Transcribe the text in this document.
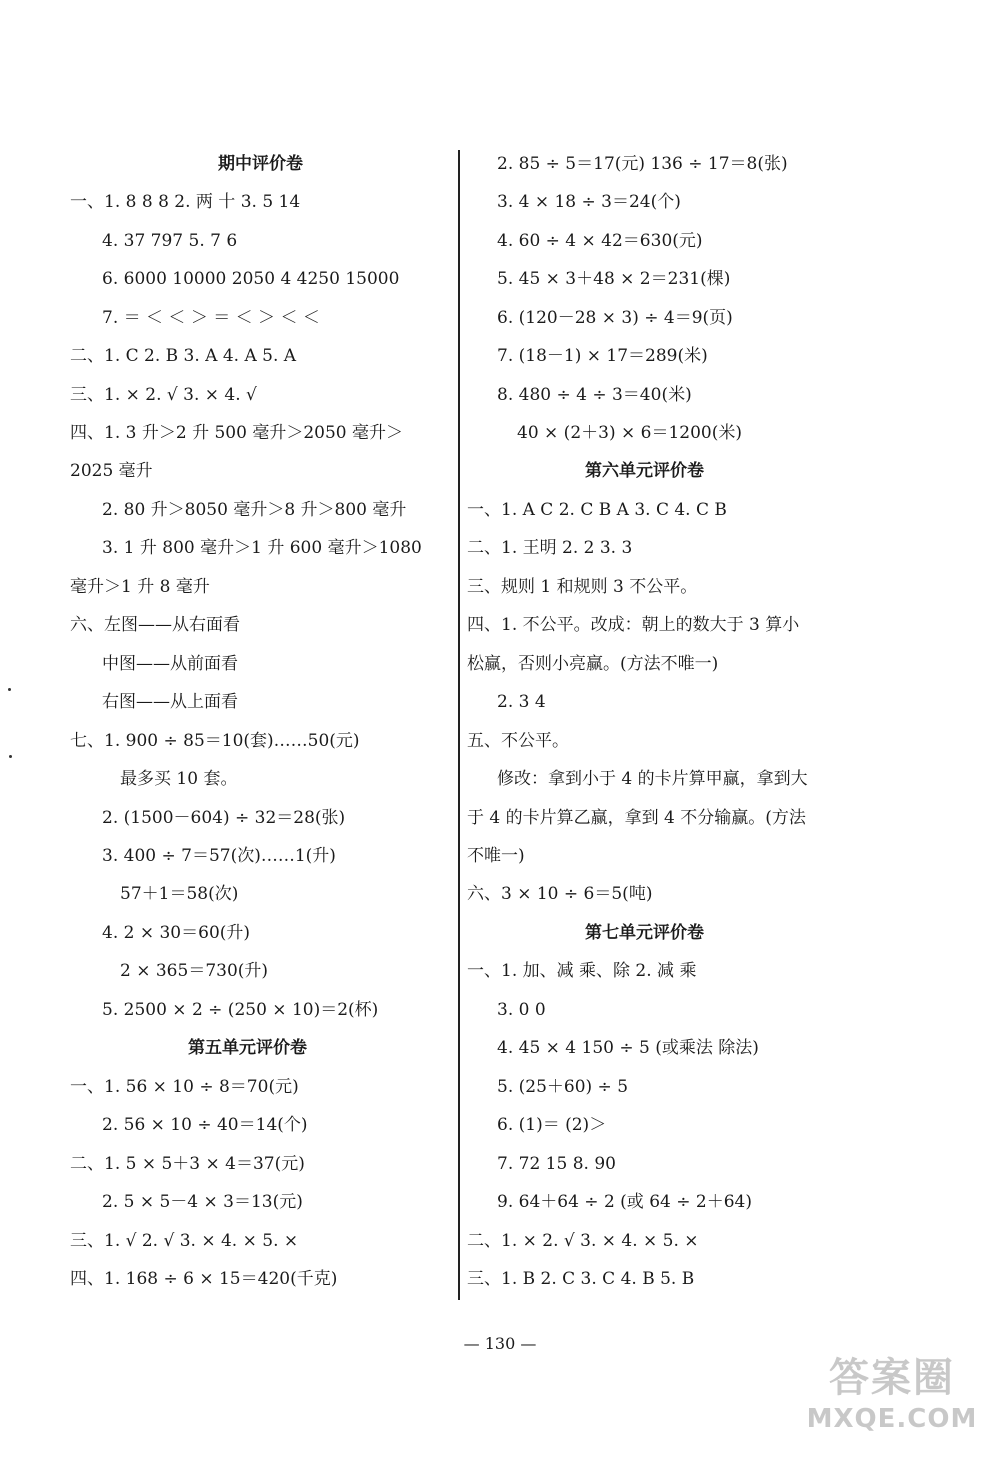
期中评价卷
一、1. 8 8 8 2. 两 十 3. 5 14
4. 37 797 5. 7 6
6. 6000 10000 2050 4 4250 15000
7. ＝ ＜ ＜ ＞ ＝ ＜ ＞ ＜ ＜
二、1. C 2. B 3. A 4. A 5. A
三、1. × 2. √ 3. × 4. √
四、1. 3 升＞2 升 500 毫升＞2050 毫升＞
2025 毫升
2. 80 升＞8050 毫升＞8 升＞800 毫升
3. 1 升 800 毫升＞1 升 600 毫升＞1080
毫升＞1 升 8 毫升
六、左图——从右面看
中图——从前面看
右图——从上面看
七、1. 900 ÷ 85＝10(套)……50(元)
最多买 10 套。
2. (1500－604) ÷ 32＝28(张)
3. 400 ÷ 7＝57(次)……1(升)
57＋1＝58(次)
4. 2 × 30＝60(升)
2 × 365＝730(升)
5. 2500 × 2 ÷ (250 × 10)＝2(杯)
第五单元评价卷
一、1. 56 × 10 ÷ 8＝70(元)
2. 56 × 10 ÷ 40＝14(个)
二、1. 5 × 5＋3 × 4＝37(元)
2. 5 × 5－4 × 3＝13(元)
三、1. √ 2. √ 3. × 4. × 5. ×
四、1. 168 ÷ 6 × 15＝420(千克)
2. 85 ÷ 5＝17(元) 136 ÷ 17＝8(张)
3. 4 × 18 ÷ 3＝24(个)
4. 60 ÷ 4 × 42＝630(元)
5. 45 × 3＋48 × 2＝231(棵)
6. (120－28 × 3) ÷ 4＝9(页)
7. (18－1) × 17＝289(米)
8. 480 ÷ 4 ÷ 3＝40(米)
40 × (2＋3) × 6＝1200(米)
第六单元评价卷
一、1. A C 2. C B A 3. C 4. C B
二、1. 王明 2. 2 3. 3
三、规则 1 和规则 3 不公平。
四、1. 不公平。改成：朝上的数大于 3 算小
松赢，否则小亮赢。(方法不唯一)
2. 3 4
五、不公平。
修改：拿到小于 4 的卡片算甲赢，拿到大
于 4 的卡片算乙赢，拿到 4 不分输赢。(方法
不唯一)
六、3 × 10 ÷ 6＝5(吨)
第七单元评价卷
一、1. 加、减 乘、除 2. 减 乘
3. 0 0
4. 45 × 4 150 ÷ 5 (或乘法 除法)
5. (25＋60) ÷ 5
6. (1)＝ (2)＞
7. 72 15 8. 90
9. 64＋64 ÷ 2 (或 64 ÷ 2＋64)
二、1. × 2. √ 3. × 4. × 5. ×
三、1. B 2. C 3. C 4. B 5. B
— 130 —
答案圈
MXQE.COM
